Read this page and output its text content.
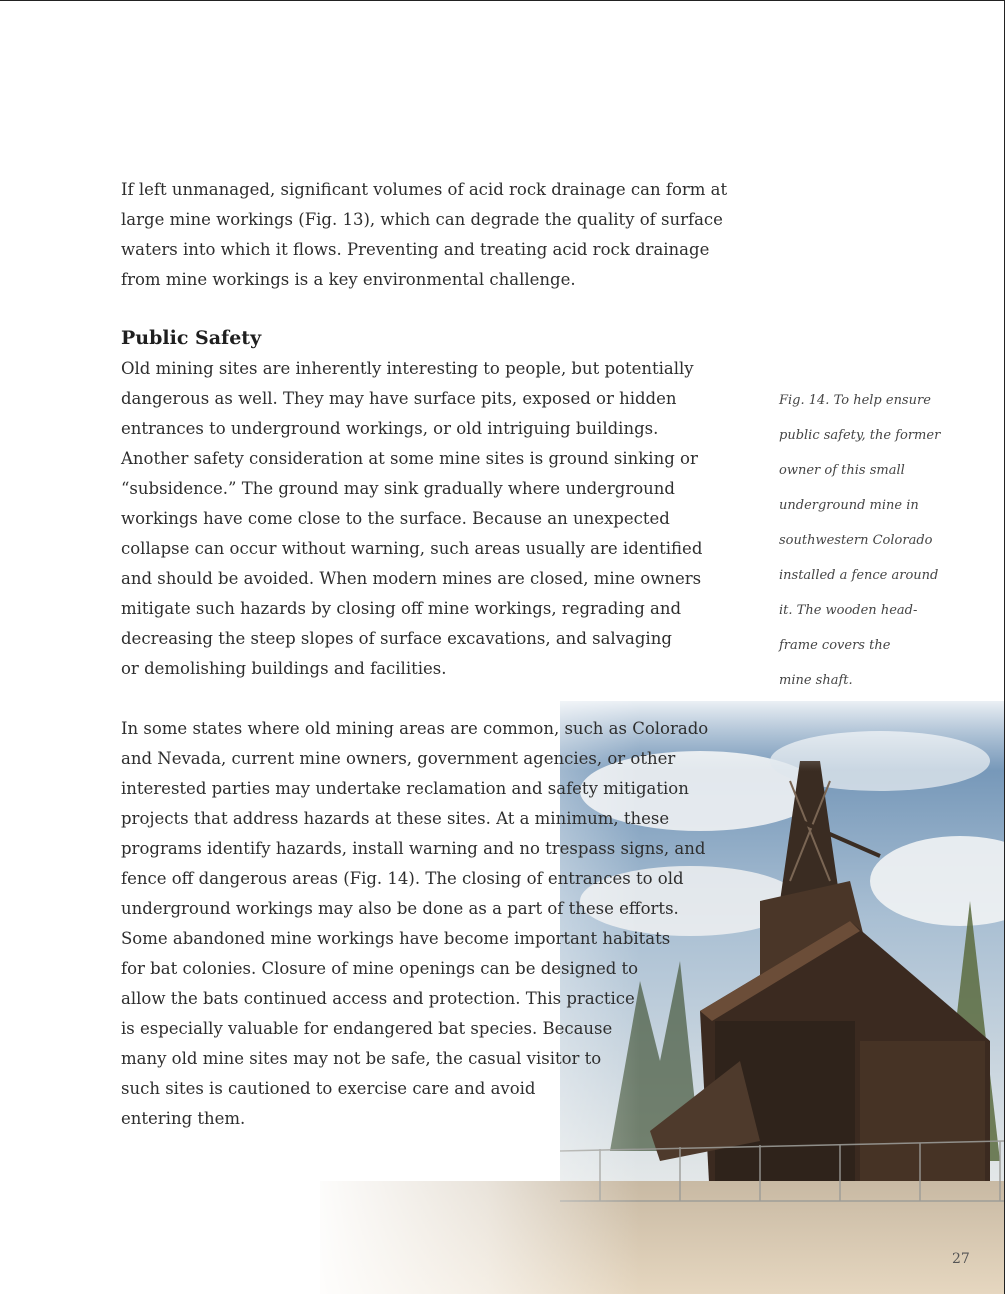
If left unmanaged, significant volumes of acid rock drainage can form at
large mine workings (Fig. 13), which can degrade the quality of surface
waters into which it flows. Preventing and treating acid rock drainage
from mine workings is a key environmental challenge.

Public Safety

Old mining sites are inherently interesting to people, but potentially
dangerous as well. They may have surface pits, exposed or hidden
entrances to underground workings, or old intriguing buildings.
Another safety consideration at some mine sites is ground sinking or
“subsidence.” The ground may sink gradually where underground
workings have come close to the surface. Because an unexpected
collapse can occur without warning, such areas usually are identified
and should be avoided. When modern mines are closed, mine owners
mitigate such hazards by closing off mine workings, regrading and
decreasing the steep slopes of surface excavations, and salvaging
or demolishing buildings and facilities.

In some states where old mining areas are common, such as Colorado
and Nevada, current mine owners, government agencies, or other
interested parties may undertake reclamation and safety mitigation
projects that address hazards at these sites. At a minimum, these
programs identify hazards, install warning and no trespass signs, and
fence off dangerous areas (Fig. 14). The closing of entrances to old
underground workings may also be done as a part of these efforts.
Some abandoned mine workings have become important habitats
for bat colonies. Closure of mine openings can be designed to
allow the bats continued access and protection. This practice
is especially valuable for endangered bat species. Because
many old mine sites may not be safe, the casual visitor to
such sites is cautioned to exercise care and avoid
entering them.

Fig. 14. To help ensure
public safety, the former
owner of this small
underground mine in
southwestern Colorado
installed a fence around
it. The wooden head-
frame covers the
mine shaft.

27
